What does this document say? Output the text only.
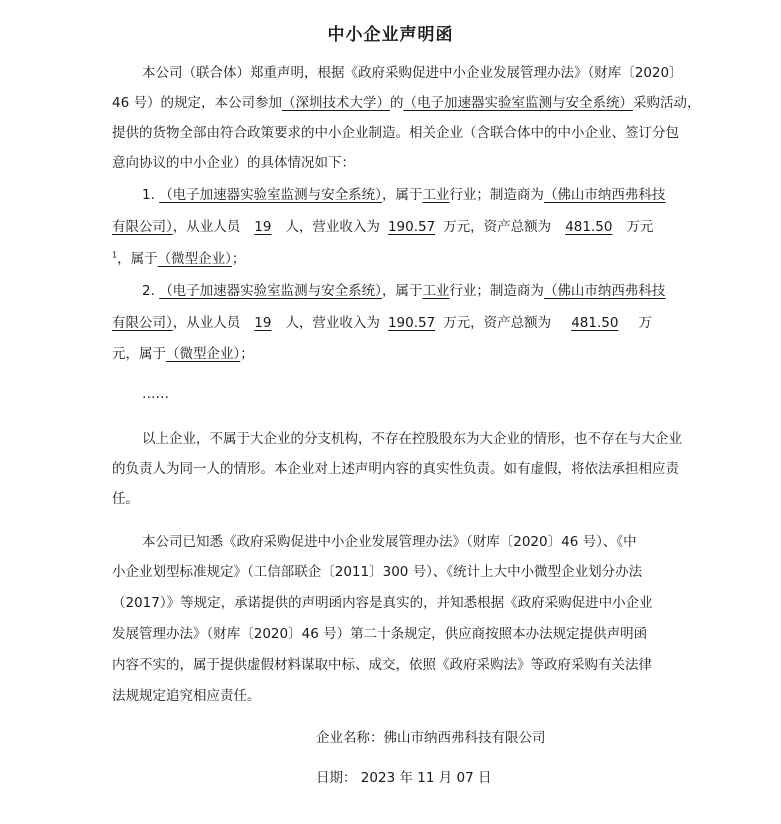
中小企业声明函
本公司（联合体）郑重声明，根据《政府采购促进中小企业发展管理办法》（财库〔2020〕
46 号）的规定，本公司参加（深圳技术大学）的（电子加速器实验室监测与安全系统）采购活动，
提供的货物全部由符合政策要求的中小企业制造。相关企业（含联合体中的中小企业、签订分包
意向协议的中小企业）的具体情况如下：
1. （电子加速器实验室监测与安全系统），属于工业行业；制造商为（佛山市纳西弗科技
有限公司），从业人员 19 人，营业收入为 190.57 万元，资产总额为 481.50 万元
$^1$，属于（微型企业）；
2. （电子加速器实验室监测与安全系统），属于工业行业；制造商为（佛山市纳西弗科技
有限公司），从业人员 19 人，营业收入为 190.57 万元，资产总额为 481.50 万
元，属于（微型企业）；
……
以上企业，不属于大企业的分支机构，不存在控股股东为大企业的情形，也不存在与大企业
的负责人为同一人的情形。本企业对上述声明内容的真实性负责。如有虚假，将依法承担相应责
任。
本公司已知悉《政府采购促进中小企业发展管理办法》（财库〔2020〕46 号）、《中
小企业划型标准规定》（工信部联企〔2011〕300 号）、《统计上大中小微型企业划分办法
（2017）》等规定，承诺提供的声明函内容是真实的，并知悉根据《政府采购促进中小企业
发展管理办法》（财库〔2020〕46 号）第二十条规定，供应商按照本办法规定提供声明函
内容不实的，属于提供虚假材料谋取中标、成交，依照《政府采购法》等政府采购有关法律
法规规定追究相应责任。
企业名称：佛山市纳西弗科技有限公司
日期： 2023 年 11 月 07 日
